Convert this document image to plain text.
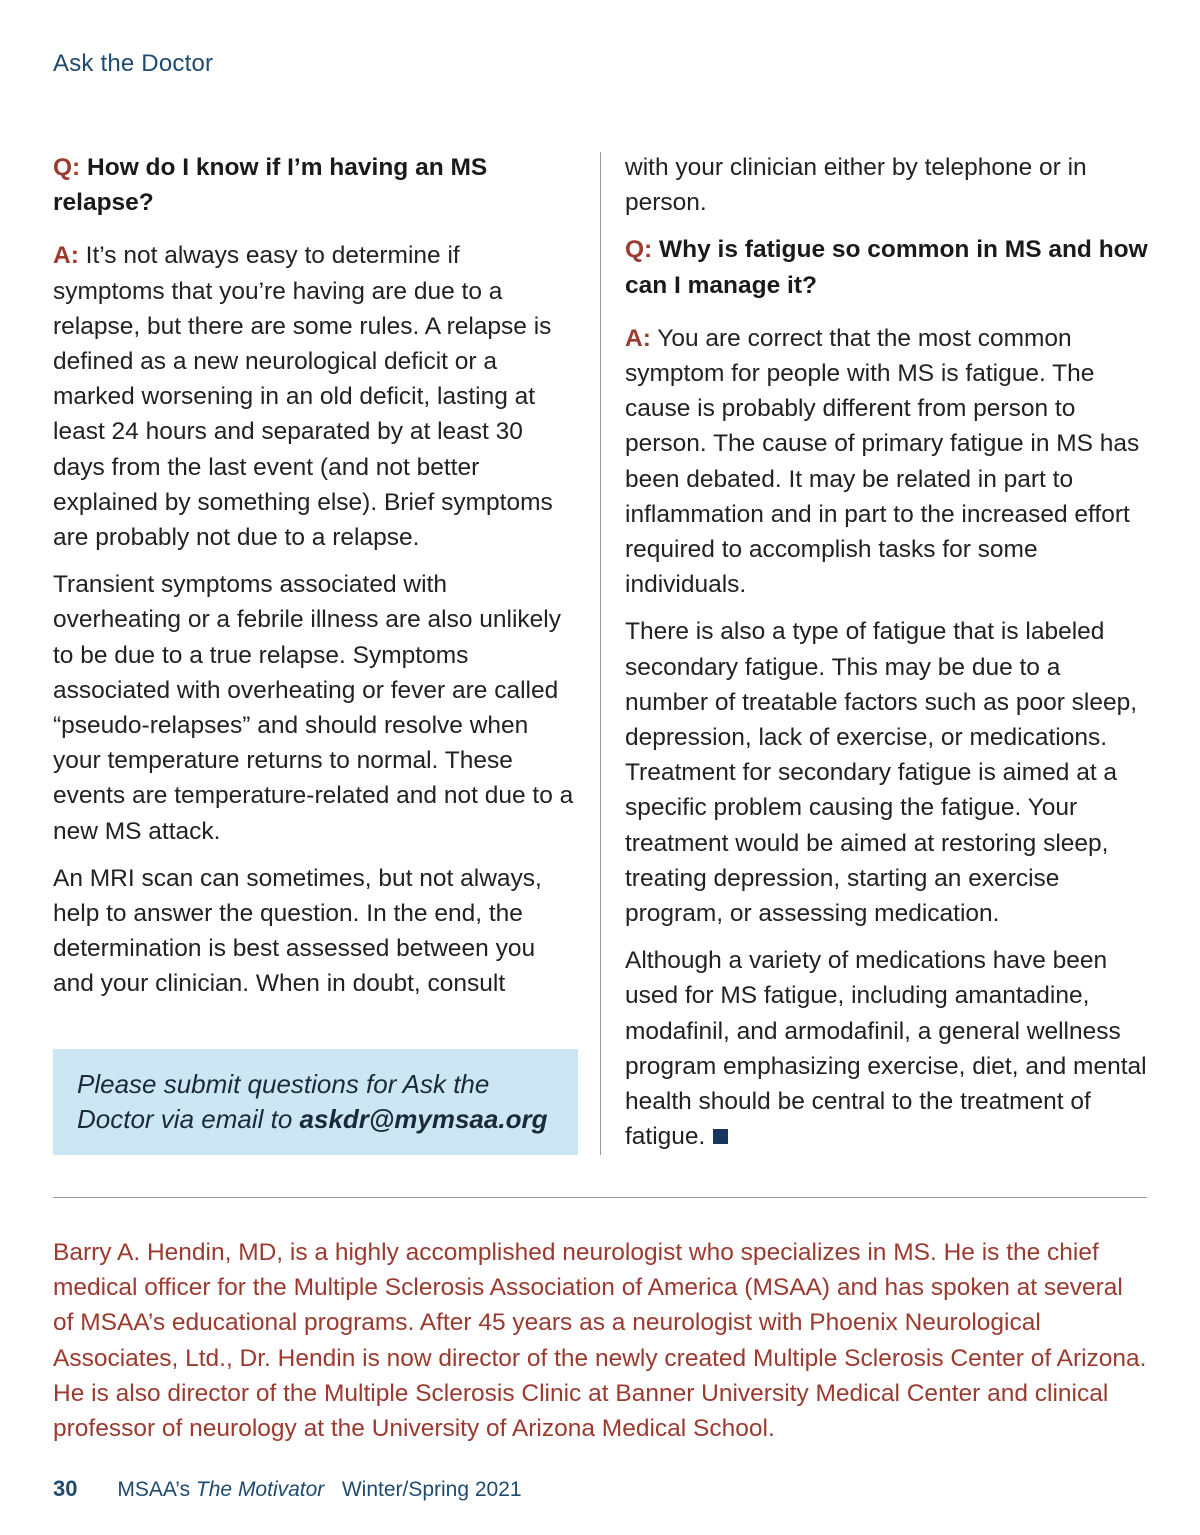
Ask the Doctor

Q: How do I know if I’m having an MS relapse?

A: It’s not always easy to determine if symptoms that you’re having are due to a relapse, but there are some rules. A relapse is defined as a new neurological deficit or a marked worsening in an old deficit, lasting at least 24 hours and separated by at least 30 days from the last event (and not better explained by something else). Brief symptoms are probably not due to a relapse.

Transient symptoms associated with overheating or a febrile illness are also unlikely to be due to a true relapse. Symptoms associated with overheating or fever are called “pseudo-relapses” and should resolve when your temperature returns to normal. These events are temperature-related and not due to a new MS attack.

An MRI scan can sometimes, but not always, help to answer the question. In the end, the determination is best assessed between you and your clinician. When in doubt, consult

Please submit questions for Ask the Doctor via email to askdr@mymsaa.org

with your clinician either by telephone or in person.

Q: Why is fatigue so common in MS and how can I manage it?

A: You are correct that the most common symptom for people with MS is fatigue. The cause is probably different from person to person. The cause of primary fatigue in MS has been debated. It may be related in part to inflammation and in part to the increased effort required to accomplish tasks for some individuals.

There is also a type of fatigue that is labeled secondary fatigue. This may be due to a number of treatable factors such as poor sleep, depression, lack of exercise, or medications. Treatment for secondary fatigue is aimed at a specific problem causing the fatigue. Your treatment would be aimed at restoring sleep, treating depression, starting an exercise program, or assessing medication.

Although a variety of medications have been used for MS fatigue, including amantadine, modafinil, and armodafinil, a general wellness program emphasizing exercise, diet, and mental health should be central to the treatment of fatigue.

Barry A. Hendin, MD, is a highly accomplished neurologist who specializes in MS. He is the chief medical officer for the Multiple Sclerosis Association of America (MSAA) and has spoken at several of MSAA’s educational programs. After 45 years as a neurologist with Phoenix Neurological Associates, Ltd., Dr. Hendin is now director of the newly created Multiple Sclerosis Center of Arizona. He is also director of the Multiple Sclerosis Clinic at Banner University Medical Center and clinical professor of neurology at the University of Arizona Medical School.
30 MSAA’s The Motivator Winter/Spring 2021
